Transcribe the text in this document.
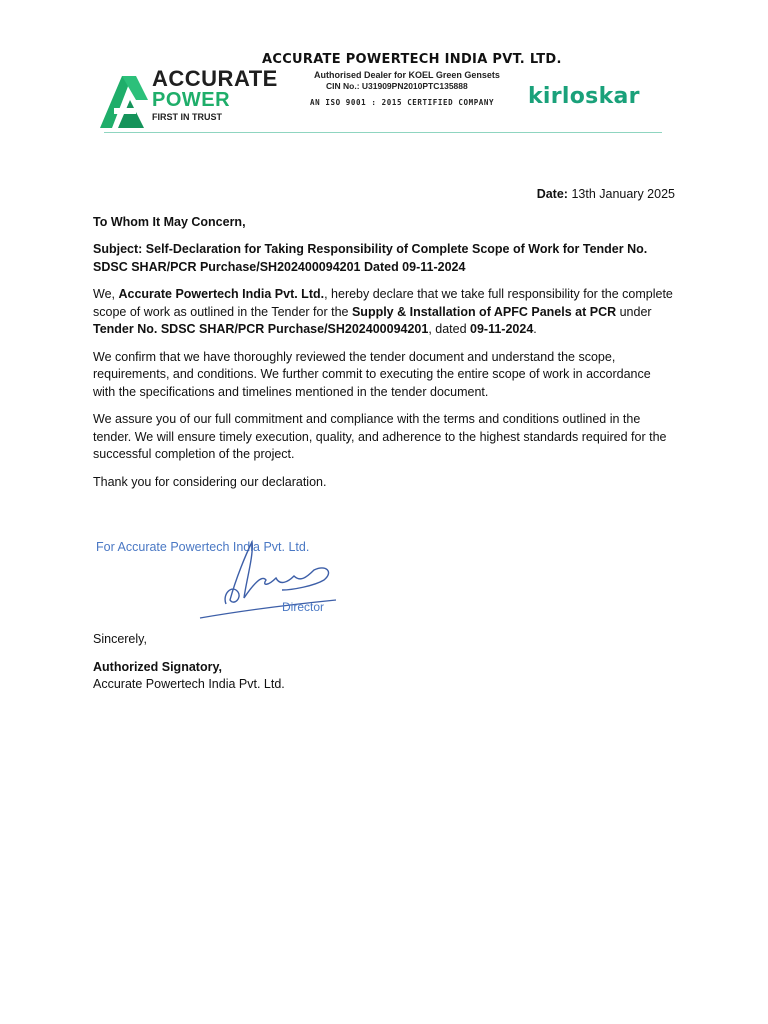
ACCURATE
POWER
FIRST IN TRUST
ACCURATE POWERTECH INDIA PVT. LTD.
Authorised Dealer for KOEL Green Gensets
CIN No.: U31909PN2010PTC135888
AN ISO 9001 : 2015 CERTIFIED COMPANY	kirloskar

Date: 13th January 2025

To Whom It May Concern,

Subject: Self-Declaration for Taking Responsibility of Complete Scope of Work for Tender No. SDSC SHAR/PCR Purchase/SH202400094201 Dated 09-11-2024

We, Accurate Powertech India Pvt. Ltd., hereby declare that we take full responsibility for the complete scope of work as outlined in the Tender for the Supply & Installation of APFC Panels at PCR under Tender No. SDSC SHAR/PCR Purchase/SH202400094201, dated 09-11-2024.

We confirm that we have thoroughly reviewed the tender document and understand the scope, requirements, and conditions. We further commit to executing the entire scope of work in accordance with the specifications and timelines mentioned in the tender document.

We assure you of our full commitment and compliance with the terms and conditions outlined in the tender. We will ensure timely execution, quality, and adherence to the highest standards required for the successful completion of the project.

Thank you for considering our declaration.

For Accurate Powertech India Pvt. Ltd.
Director

Sincerely,

Authorized Signatory,

Accurate Powertech India Pvt. Ltd.
